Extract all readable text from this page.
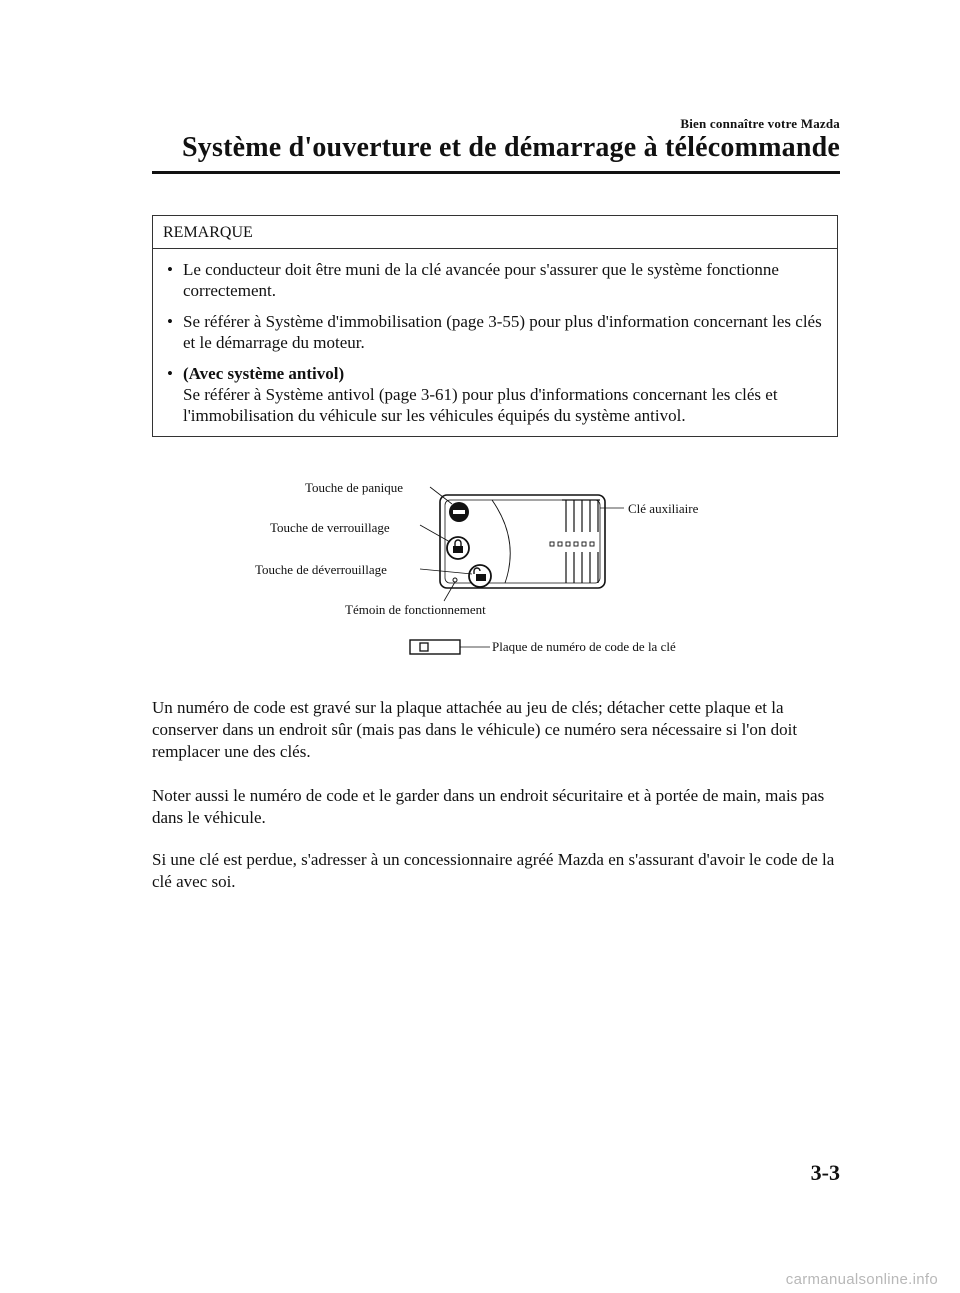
Bien connaître votre Mazda
Système d'ouverture et de démarrage à télécommande
REMARQUE
• Le conducteur doit être muni de la clé avancée pour s'assurer que le système fonctionne correctement.
• Se référer à Système d'immobilisation (page 3-55) pour plus d'information concernant les clés et le démarrage du moteur.
• (Avec système antivol)
Se référer à Système antivol (page 3-61) pour plus d'informations concernant les clés et l'immobilisation du véhicule sur les véhicules équipés du système antivol.
Touche de panique
Touche de verrouillage
Touche de déverrouillage
Témoin de fonctionnement
Clé auxiliaire
Plaque de numéro de code de la clé

Un numéro de code est gravé sur la plaque attachée au jeu de clés; détacher cette plaque et la conserver dans un endroit sûr (mais pas dans le véhicule) ce numéro sera nécessaire si l'on doit remplacer une des clés.

Noter aussi le numéro de code et le garder dans un endroit sécuritaire et à portée de main, mais pas dans le véhicule.

Si une clé est perdue, s'adresser à un concessionnaire agréé Mazda en s'assurant d'avoir le code de la clé avec soi.

3-3
carmanualsonline.info
